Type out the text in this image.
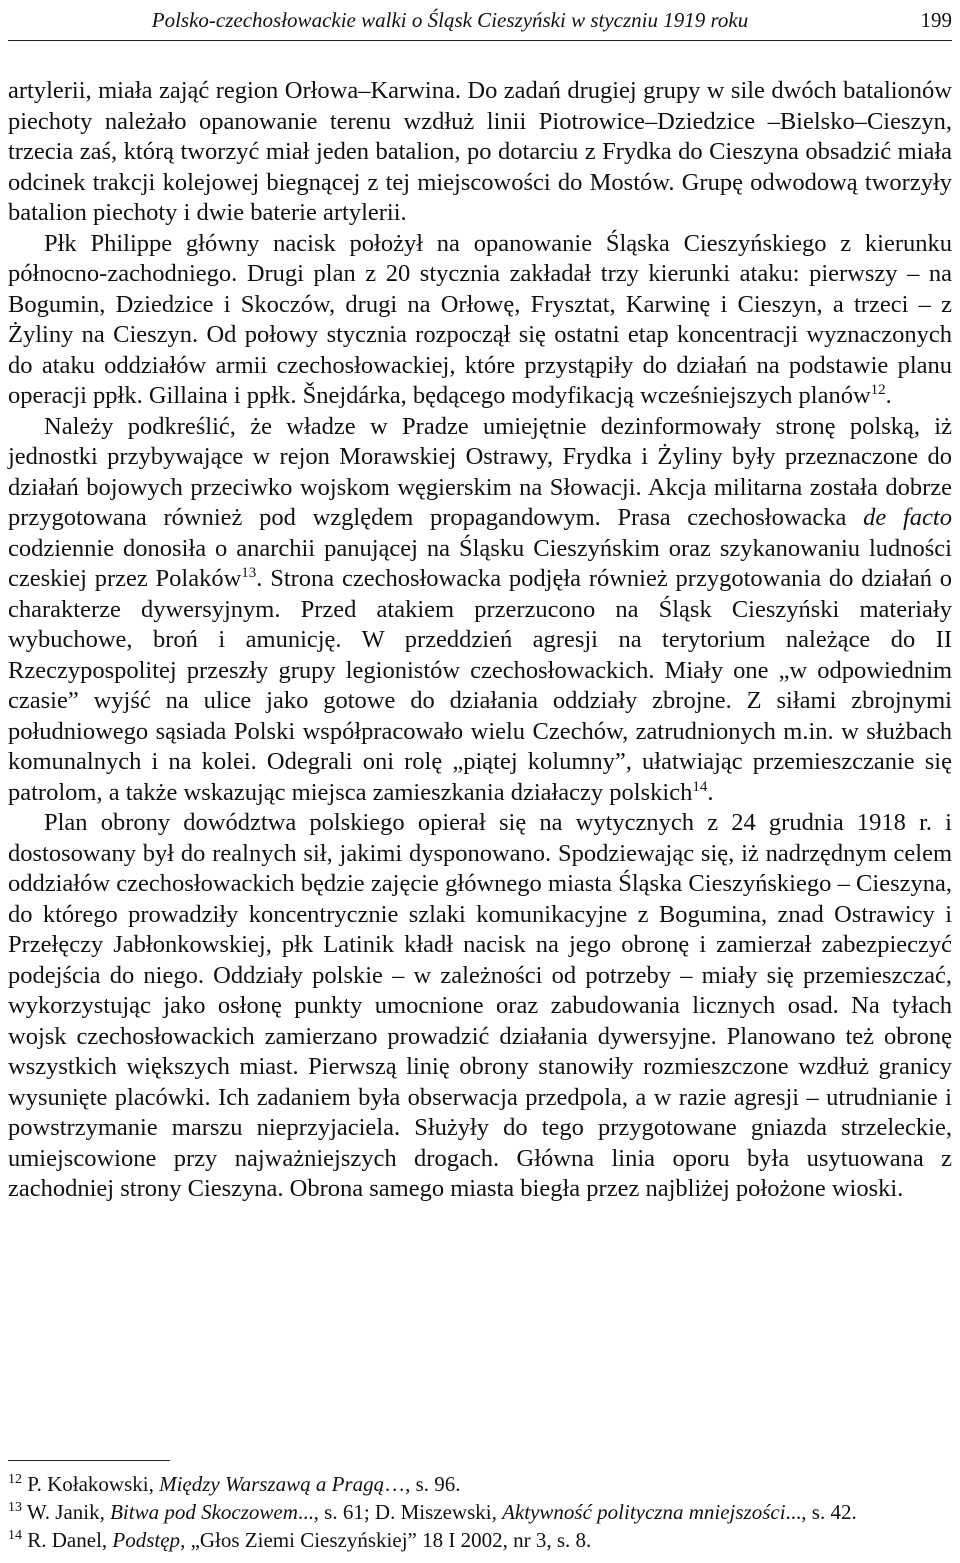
Polsko-czechosłowackie walki o Śląsk Cieszyński w styczniu 1919 roku	199

artylerii, miała zająć region Orłowa–Karwina. Do zadań drugiej grupy w sile dwóch batalionów piechoty należało opanowanie terenu wzdłuż linii Piotrowice–Dziedzice –Bielsko–Cieszyn, trzecia zaś, którą tworzyć miał jeden batalion, po dotarciu z Frydka do Cieszyna obsadzić miała odcinek trakcji kolejowej biegnącej z tej miejscowości do Mostów. Grupę odwodową tworzyły batalion piechoty i dwie baterie artylerii.

Płk Philippe główny nacisk położył na opanowanie Śląska Cieszyńskiego z kierunku północno-zachodniego. Drugi plan z 20 stycznia zakładał trzy kierunki ataku: pierwszy – na Bogumin, Dziedzice i Skoczów, drugi na Orłowę, Frysztat, Karwinę i Cieszyn, a trzeci – z Żyliny na Cieszyn. Od połowy stycznia rozpoczął się ostatni etap koncentracji wyznaczonych do ataku oddziałów armii czechosłowackiej, które przystąpiły do działań na podstawie planu operacji ppłk. Gillaina i ppłk. Šnejdárka, będącego modyfikacją wcześniejszych planów$^{12}$.

Należy podkreślić, że władze w Pradze umiejętnie dezinformowały stronę polską, iż jednostki przybywające w rejon Morawskiej Ostrawy, Frydka i Żyliny były przeznaczone do działań bojowych przeciwko wojskom węgierskim na Słowacji. Akcja militarna została dobrze przygotowana również pod względem propagandowym. Prasa czechosłowacka de facto codziennie donosiła o anarchii panującej na Śląsku Cieszyńskim oraz szykanowaniu ludności czeskiej przez Polaków$^{13}$. Strona czechosłowacka podjęła również przygotowania do działań o charakterze dywersyjnym. Przed atakiem przerzucono na Śląsk Cieszyński materiały wybuchowe, broń i amunicję. W przeddzień agresji na terytorium należące do II Rzeczypospolitej przeszły grupy legionistów czechosłowackich. Miały one „w odpowiednim czasie” wyjść na ulice jako gotowe do działania oddziały zbrojne. Z siłami zbrojnymi południowego sąsiada Polski współpracowało wielu Czechów, zatrudnionych m.in. w służbach komunalnych i na kolei. Odegrali oni rolę „piątej kolumny”, ułatwiając przemieszczanie się patrolom, a także wskazując miejsca zamieszkania działaczy polskich$^{14}$.

Plan obrony dowództwa polskiego opierał się na wytycznych z 24 grudnia 1918 r. i dostosowany był do realnych sił, jakimi dysponowano. Spodziewając się, iż nadrzędnym celem oddziałów czechosłowackich będzie zajęcie głównego miasta Śląska Cieszyńskiego – Cieszyna, do którego prowadziły koncentrycznie szlaki komunikacyjne z Bogumina, znad Ostrawicy i Przełęczy Jabłonkowskiej, płk Latinik kładł nacisk na jego obronę i zamierzał zabezpieczyć podejścia do niego. Oddziały polskie – w zależności od potrzeby – miały się przemieszczać, wykorzystując jako osłonę punkty umocnione oraz zabudowania licznych osad. Na tyłach wojsk czechosłowackich zamierzano prowadzić działania dywersyjne. Planowano też obronę wszystkich większych miast. Pierwszą linię obrony stanowiły rozmieszczone wzdłuż granicy wysunięte placówki. Ich zadaniem była obserwacja przedpola, a w razie agresji – utrudnianie i powstrzymanie marszu nieprzyjaciela. Służyły do tego przygotowane gniazda strzeleckie, umiejscowione przy najważniejszych drogach. Główna linia oporu była usytuowana z zachodniej strony Cieszyna. Obrona samego miasta biegła przez najbliżej położone wioski.

$^{12}$ P. Kołakowski, Między Warszawą a Pragą…, s. 96.

$^{13}$ W. Janik, Bitwa pod Skoczowem..., s. 61; D. Miszewski, Aktywność polityczna mniejszości..., s. 42.

$^{14}$ R. Danel, Podstęp, „Głos Ziemi Cieszyńskiej” 18 I 2002, nr 3, s. 8.
